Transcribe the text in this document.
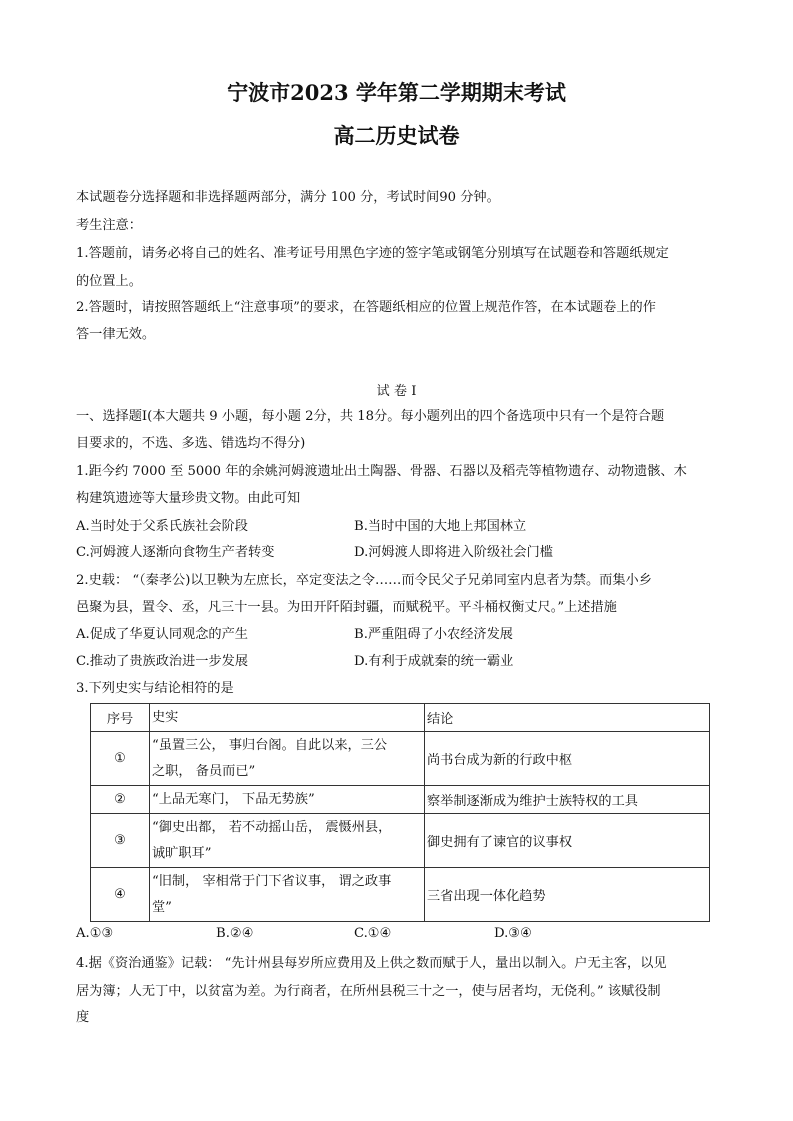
宁波市2023 学年第二学期期末考试
高二历史试卷
本试题卷分选择题和非选择题两部分，满分 100 分，考试时间90 分钟。
考生注意：
1.答题前，请务必将自己的姓名、准考证号用黑色字迹的签字笔或钢笔分别填写在试题卷和答题纸规定
的位置上。
2.答题时，请按照答题纸上“注意事项”的要求，在答题纸相应的位置上规范作答，在本试题卷上的作
答一律无效。
试 卷 I
一、选择题Ⅰ(本大题共 9 小题，每小题 2分，共 18分。每小题列出的四个备选项中只有一个是符合题
目要求的，不选、多选、错选均不得分)
1.距今约 7000 至 5000 年的余姚河姆渡遗址出土陶器、骨器、石器以及稻壳等植物遗存、动物遗骸、木
构建筑遗迹等大量珍贵文物。由此可知
A.当时处于父系氏族社会阶段	B.当时中国的大地上邦国林立
C.河姆渡人逐渐向食物生产者转变	D.河姆渡人即将进入阶级社会门槛
2.史载： “（秦孝公)以卫鞅为左庶长，卒定变法之令……而令民父子兄弟同室内息者为禁。而集小乡
邑聚为县，置令、丞，凡三十一县。为田开阡陌封疆，而赋税平。平斗桶权衡丈尺。”上述措施
A.促成了华夏认同观念的产生	B.严重阻碍了小农经济发展
C.推动了贵族政治进一步发展	D.有利于成就秦的统一霸业
3.下列史实与结论相符的是
序号	史实	结论
①	“虽置三公， 事归台阁。自此以来，三公
之职， 备员而已”	尚书台成为新的行政中枢
②	“上品无寒门， 下品无势族”	察举制逐渐成为维护士族特权的工具
③	“御史出都， 若不动摇山岳， 震慑州县，
诚旷职耳”	御史拥有了谏官的议事权
④	“旧制， 宰相常于门下省议事， 谓之政事
堂”	三省出现一体化趋势
A.①③	B.②④	C.①④	D.③④
4.据《资治通鉴》记载： “先计州县每岁所应费用及上供之数而赋于人，量出以制入。户无主客，以见
居为簿；人无丁中，以贫富为差。为行商者，在所州县税三十之一，使与居者均，无侥利。” 该赋役制
度
